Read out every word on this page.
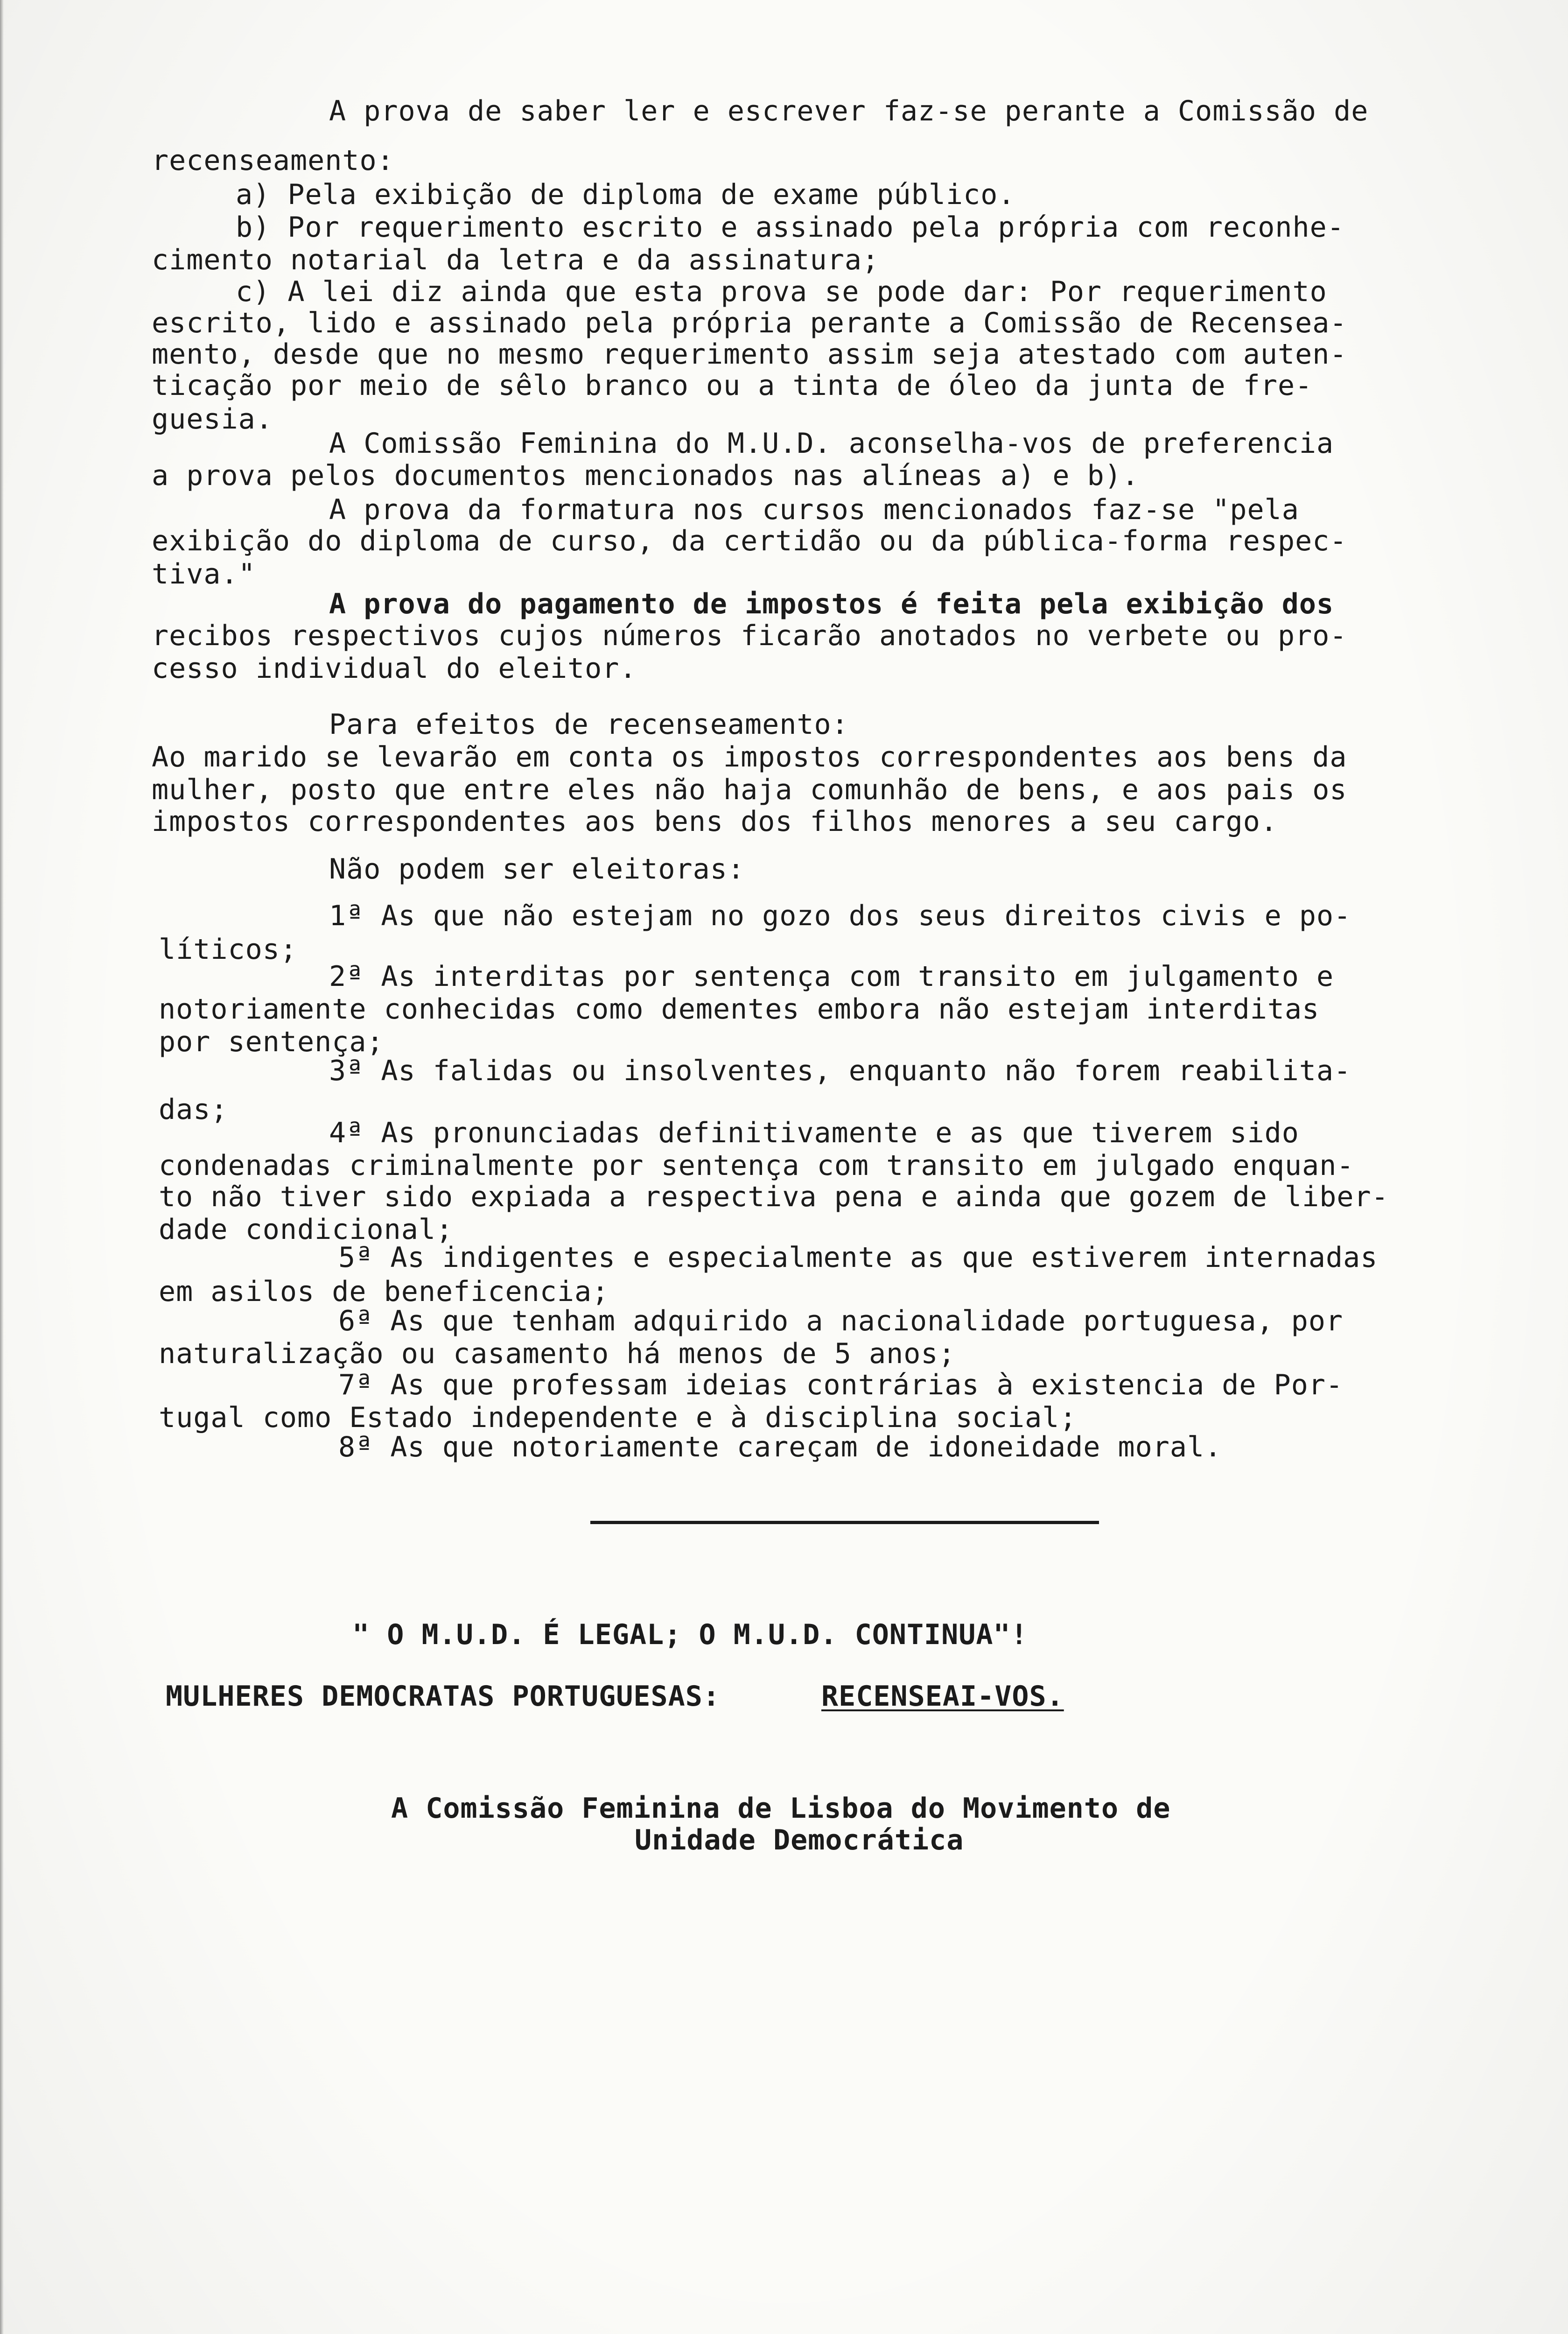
A prova de saber ler e escrever faz-se perante a Comissão de
recenseamento:
a) Pela exibição de diploma de exame público.
b) Por requerimento escrito e assinado pela própria com reconhe-
cimento notarial da letra e da assinatura;
c) A lei diz ainda que esta prova se pode dar: Por requerimento
escrito, lido e assinado pela própria perante a Comissão de Recensea-
mento, desde que no mesmo requerimento assim seja atestado com auten-
ticação por meio de sêlo branco ou a tinta de óleo da junta de fre-
guesia.
A Comissão Feminina do M.U.D. aconselha-vos de preferencia
a prova pelos documentos mencionados nas alíneas a) e b).
A prova da formatura nos cursos mencionados faz-se "pela
exibição do diploma de curso, da certidão ou da pública-forma respec-
tiva."
A prova do pagamento de impostos é feita pela exibição dos
recibos respectivos cujos números ficarão anotados no verbete ou pro-
cesso individual do eleitor.
Para efeitos de recenseamento:
Ao marido se levarão em conta os impostos correspondentes aos bens da
mulher, posto que entre eles não haja comunhão de bens, e aos pais os
impostos correspondentes aos bens dos filhos menores a seu cargo.
Não podem ser eleitoras:
1ª As que não estejam no gozo dos seus direitos civis e po-
líticos;
2ª As interditas por sentença com transito em julgamento e
notoriamente conhecidas como dementes embora não estejam interditas
por sentença;
3ª As falidas ou insolventes, enquanto não forem reabilita-
das;
4ª As pronunciadas definitivamente e as que tiverem sido
condenadas criminalmente por sentença com transito em julgado enquan-
to não tiver sido expiada a respectiva pena e ainda que gozem de liber-
dade condicional;
5ª As indigentes e especialmente as que estiverem internadas
em asilos de beneficencia;
6ª As que tenham adquirido a nacionalidade portuguesa, por
naturalização ou casamento há menos de 5 anos;
7ª As que professam ideias contrárias à existencia de Por-
tugal como Estado independente e à disciplina social;
8ª As que notoriamente careçam de idoneidade moral.
" O M.U.D. É LEGAL; O M.U.D. CONTINUA"!
MULHERES DEMOCRATAS PORTUGUESAS:	RECENSEAI-VOS.
A Comissão Feminina de Lisboa do Movimento de
Unidade Democrática
